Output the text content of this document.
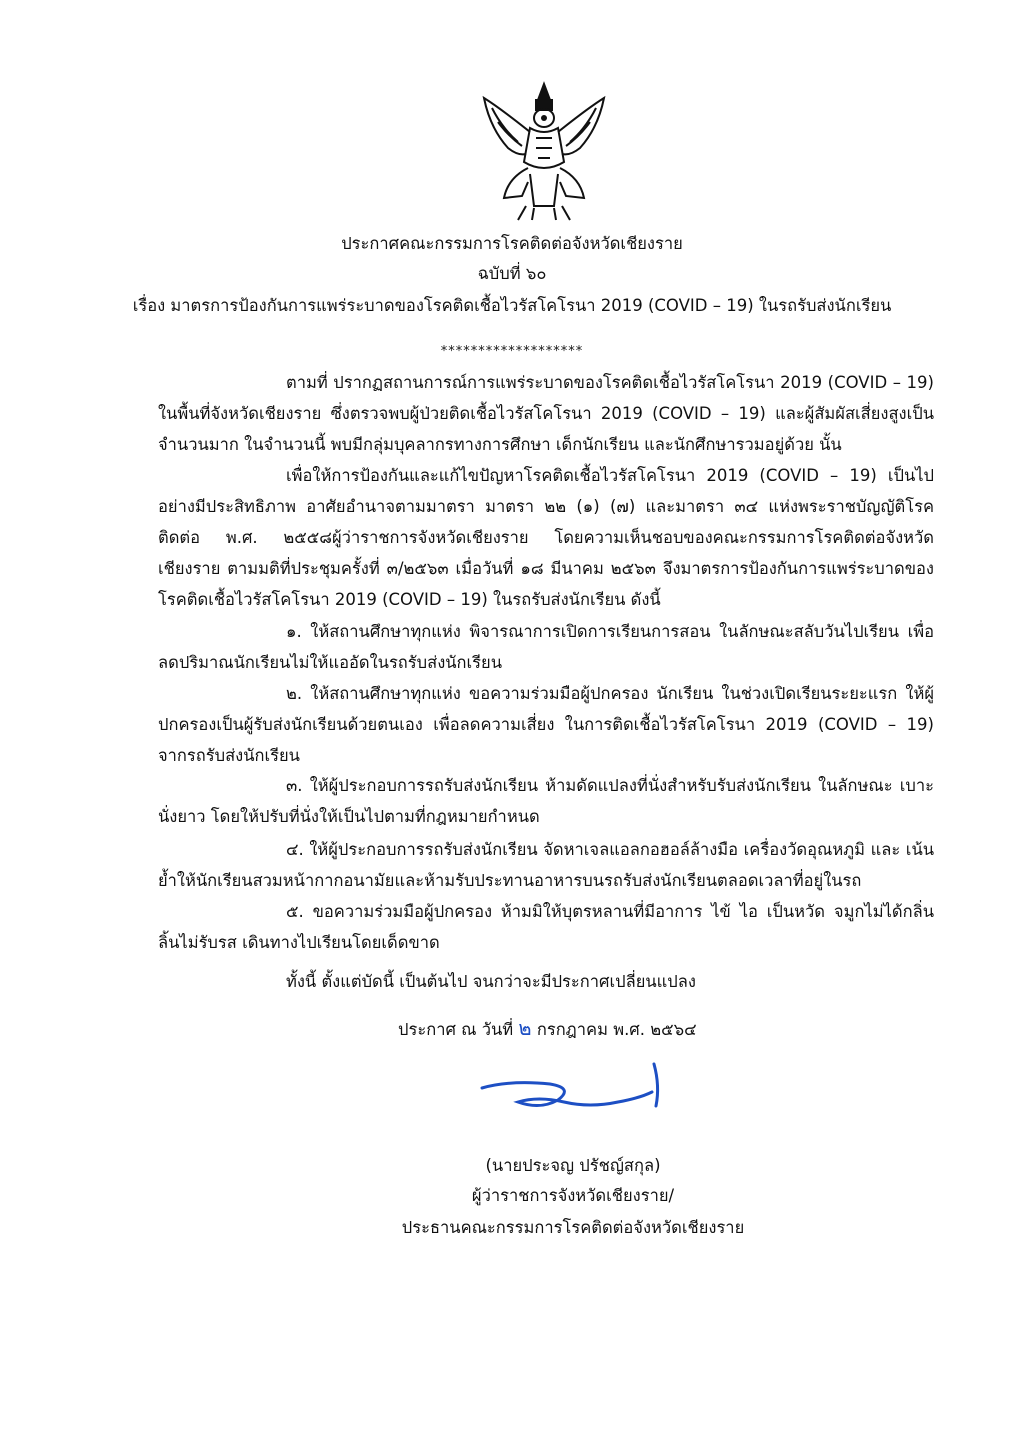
ประกาศคณะกรรมการโรคติดต่อจังหวัดเชียงราย
ฉบับที่ ๖๐
เรื่อง มาตรการป้องกันการแพร่ระบาดของโรคติดเชื้อไวรัสโคโรนา 2019 (COVID – 19) ในรถรับส่งนักเรียน
*******************
ตามที่ ปรากฏสถานการณ์การแพร่ระบาดของโรคติดเชื้อไวรัสโคโรนา 2019 (COVID – 19) ในพื้นที่จังหวัดเชียงราย ซึ่งตรวจพบผู้ป่วยติดเชื้อไวรัสโคโรนา 2019 (COVID – 19) และผู้สัมผัสเสี่ยงสูงเป็นจำนวนมาก ในจำนวนนี้ พบมีกลุ่มบุคลากรทางการศึกษา เด็กนักเรียน และนักศึกษารวมอยู่ด้วย นั้น
เพื่อให้การป้องกันและแก้ไขปัญหาโรคติดเชื้อไวรัสโคโรนา 2019 (COVID – 19) เป็นไปอย่างมีประสิทธิภาพ อาศัยอำนาจตามมาตรา มาตรา ๒๒ (๑) (๗) และมาตรา ๓๔ แห่งพระราชบัญญัติโรคติดต่อ พ.ศ. ๒๕๕๘ผู้ว่าราชการจังหวัดเชียงราย โดยความเห็นชอบของคณะกรรมการโรคติดต่อจังหวัดเชียงราย ตามมติที่ประชุมครั้งที่ ๓/๒๕๖๓ เมื่อวันที่ ๑๘ มีนาคม ๒๕๖๓ จึงมาตรการป้องกันการแพร่ระบาดของโรคติดเชื้อไวรัสโคโรนา 2019 (COVID – 19) ในรถรับส่งนักเรียน ดังนี้
๑. ให้สถานศึกษาทุกแห่ง พิจารณาการเปิดการเรียนการสอน ในลักษณะสลับวันไปเรียน เพื่อลดปริมาณนักเรียนไม่ให้แออัดในรถรับส่งนักเรียน
๒. ให้สถานศึกษาทุกแห่ง ขอความร่วมมือผู้ปกครอง นักเรียน ในช่วงเปิดเรียนระยะแรก ให้ผู้ปกครองเป็นผู้รับส่งนักเรียนด้วยตนเอง เพื่อลดความเสี่ยง ในการติดเชื้อไวรัสโคโรนา 2019 (COVID – 19) จากรถรับส่งนักเรียน
๓. ให้ผู้ประกอบการรถรับส่งนักเรียน ห้ามดัดแปลงที่นั่งสำหรับรับส่งนักเรียน ในลักษณะ เบาะนั่งยาว โดยให้ปรับที่นั่งให้เป็นไปตามที่กฎหมายกำหนด
๔. ให้ผู้ประกอบการรถรับส่งนักเรียน จัดหาเจลแอลกอฮอล์ล้างมือ เครื่องวัดอุณหภูมิ และ เน้นย้ำให้นักเรียนสวมหน้ากากอนามัยและห้ามรับประทานอาหารบนรถรับส่งนักเรียนตลอดเวลาที่อยู่ในรถ
๕. ขอความร่วมมือผู้ปกครอง ห้ามมิให้บุตรหลานที่มีอาการ ไข้ ไอ เป็นหวัด จมูกไม่ได้กลิ่น ลิ้นไม่รับรส เดินทางไปเรียนโดยเด็ดขาด
ทั้งนี้ ตั้งแต่บัดนี้ เป็นต้นไป จนกว่าจะมีประกาศเปลี่ยนแปลง
ประกาศ ณ วันที่ ๒ กรกฎาคม พ.ศ. ๒๕๖๔
(นายประจญ ปรัชญ์สกุล)
ผู้ว่าราชการจังหวัดเชียงราย/
ประธานคณะกรรมการโรคติดต่อจังหวัดเชียงราย
